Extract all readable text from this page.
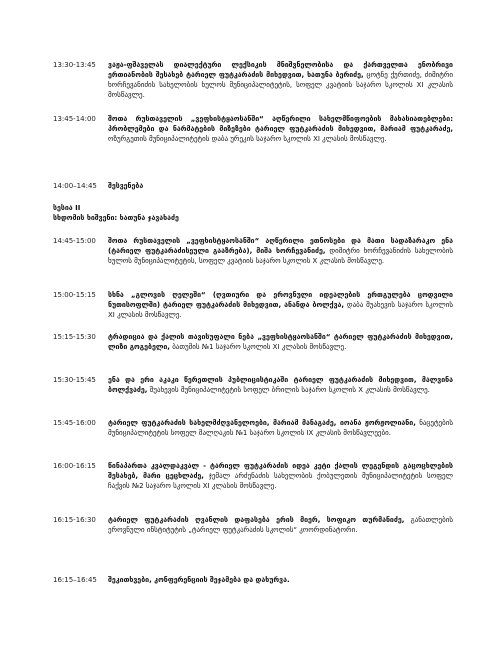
13:30-13:45	ვაჟა-ფშაველას დიალექტური ლექსიკის მნიშვნელობისა და ქართველთა ენობრივი ერთიანობის შესახებ ტარიელ ფუტკარაძის მიხედვით, ხათუნა ბერიძე, ცოტნე ქურთიძე, ძიმიტრი ხორჩევანიძის სახელობის ხულოს მუნიციპალიტეტის, სოფელ კვატიის საჯარო სკოლის XI კლასის მოსწავლე.
13:45-14:00	შოთა რუსთაველის „ვეფხისტყაოსანში“ აღწერილი სახელმწიფოების მახასიათებლები: პრობლემები და ნარმატების მიზეზები ტარიელ ფუტკარაძის მიხედვით, მარიამ ფუტკარაძე, ოზურგეთის მუნიციპალიტეტის დაბა ურეკის საჯარო სკოლის XI კლასის მოსწავლე.
14:00–14:45	შესვენება
სესია II
სხდომის ხიშვენი: ხათუნა ჯავახაძე
14:45-15:00	შოთა რუსთაველის „ვეფხისტყაოსანში“ აღწერილი ეთნოსები და მათი სადაზარაკო ენა (ტარიელ ფუტკარაძისეული გააზრება), მიშა ხორჩევანიძე, დიმიტრი ხორჩევანიძის სახელობის ხულოს მუნიციპალიტეტის, სოფელ კვატიის საჯარო სკოლის X კლასის მოსწავლე.
15:00-15:15	სხნა „გლოვის ღელეში“ (ღვთიური და ეროვნული იდეალების ერთგულება ცოდვილი ნუთისოფლში) ტარიელ ფუტკარაძის მიხედვით, ანანდა ბოლქვა, დაბა შუახევის საჯარო სკოლის XI კლასის მოსწავლე.
15:15-15:30	ტრადიცია და ქალის თავისუფალი ნება „ვეფხისტყაოსანში“ ტარიელ ფუტკარაძის მიხედვით, ლიზი გოგებელი, ბათუმის №1 საჯარო სკოლის XI კლასის მოსწავლე.
15:30-15:45	ენა და ერი აკაკი წერეთლის პუბლიცისტიკაში ტარიელ ფუტკარაძის მიხედვით, მალვინა ბოლქვაძე, შუახევის მუნიციპალიტეტის სოფელ ბრილის საჯარო სკოლის X კლასის მოსწავლე.
15:45-16:00	ტარიელ ფუტკარაძის სახელმძღვანელოები, მარიამ მანაგაძე, იოანა ჟორჟოლიანი, ნაცეტების მუნიციპალიტეტის სოფელ მალღაკის №1 საჯარო სკოლის IX კლასის მოსწავლეები.
16:00-16:15	წინაპართა კვალდაკვალ - ტარიელ ფუტკარაძის იდეა კეტი ქალის ლეგენდის გაცოცხლების შესახებ, მარი ცეცხლაძე, ჯემალ არძენაძის სახელობის ქობულეთის მუნიციპალიტეტის სოფელ ჩაქვის №2 საჯარო სკოლის XI კლასის მოსწავლე.
16:15-16:30	ტარიელ ფუტკარაძის ღვანლის დაფასება ერის მიერ, სოფიკო თურმანიძე, განათლების ეროვნული ინსტიტუტის „ტარიელ ფუტკარაძის სკოლის“ კოორდინატორი.
16:15–16:45	შეკითხვები, კონფერენციის შეჯამება და დახურვა.
